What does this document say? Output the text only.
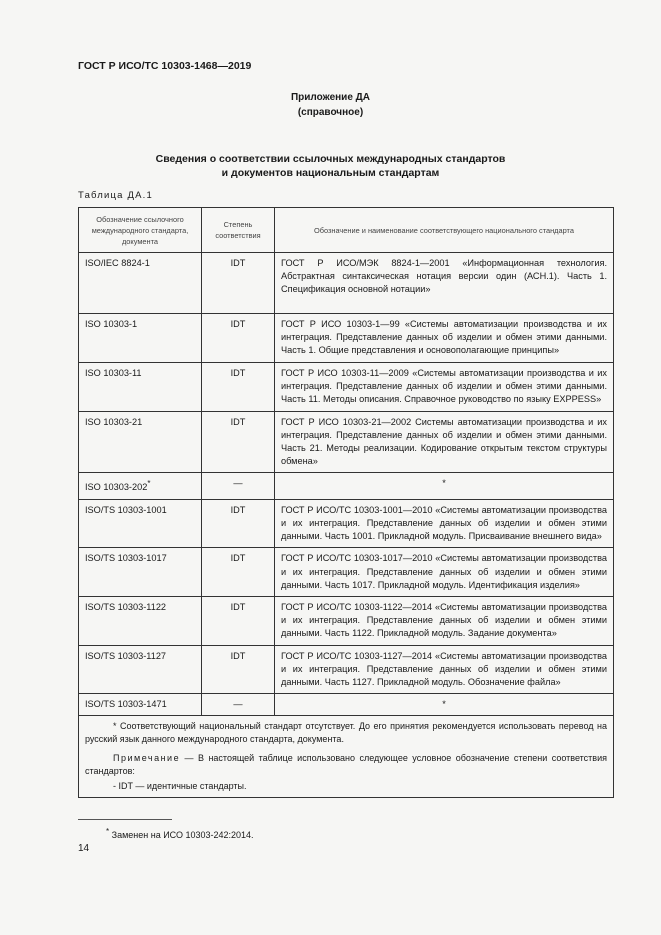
ГОСТ Р ИСО/ТС 10303-1468—2019
Приложение ДА
(справочное)
Сведения о соответствии ссылочных международных стандартов
и документов национальным стандартам
Таблица ДА.1
Обозначение ссылочного международного стандарта, документа	Степень соответствия	Обозначение и наименование соответствующего национального стандарта
ISO/IEC 8824-1	IDT	ГОСТ Р ИСО/МЭК 8824-1—2001 «Информационная технология. Абстрактная синтаксическая нотация версии один (АСН.1). Часть 1. Спецификация основной нотации»
ISO 10303-1	IDT	ГОСТ Р ИСО 10303-1—99 «Системы автоматизации производства и их интеграция. Представление данных об изделии и обмен этими данными. Часть 1. Общие представления и основополагающие принципы»
ISO 10303-11	IDT	ГОСТ Р ИСО 10303-11—2009 «Системы автоматизации производства и их интеграция. Представление данных об изделии и обмен этими данными. Часть 11. Методы описания. Справочное руководство по языку EXPPESS»
ISO 10303-21	IDT	ГОСТ Р ИСО 10303-21—2002 Системы автоматизации производства и их интеграция. Представление данных об изделии и обмен этими данными. Часть 21. Методы реализации. Кодирование открытым текстом структуры обмена»
ISO 10303-202*	—	*
ISO/TS 10303-1001	IDT	ГОСТ Р ИСО/ТС 10303-1001—2010 «Системы автоматизации производства и их интеграция. Представление данных об изделии и обмен этими данными. Часть 1001. Прикладной модуль. Присваивание внешнего вида»
ISO/TS 10303-1017	IDT	ГОСТ Р ИСО/ТС 10303-1017—2010 «Системы автоматизации производства и их интеграция. Представление данных об изделии и обмен этими данными. Часть 1017. Прикладной модуль. Идентификация изделия»
ISO/TS 10303-1122	IDT	ГОСТ Р ИСО/ТС 10303-1122—2014 «Системы автоматизации производства и их интеграция. Представление данных об изделии и обмен этими данными. Часть 1122. Прикладной модуль. Задание документа»
ISO/TS 10303-1127	IDT	ГОСТ Р ИСО/ТС 10303-1127—2014 «Системы автоматизации производства и их интеграция. Представление данных об изделии и обмен этими данными. Часть 1127. Прикладной модуль. Обозначение файла»
ISO/TS 10303-1471	—	*

* Соответствующий национальный стандарт отсутствует. До его принятия рекомендуется использовать перевод на русский язык данного международного стандарта, документа.

Примечание — В настоящей таблице использовано следующее условное обозначение степени соответствия стандартов:

- IDT — идентичные стандарты.		

* Заменен на ИСО 10303-242:2014.
14
